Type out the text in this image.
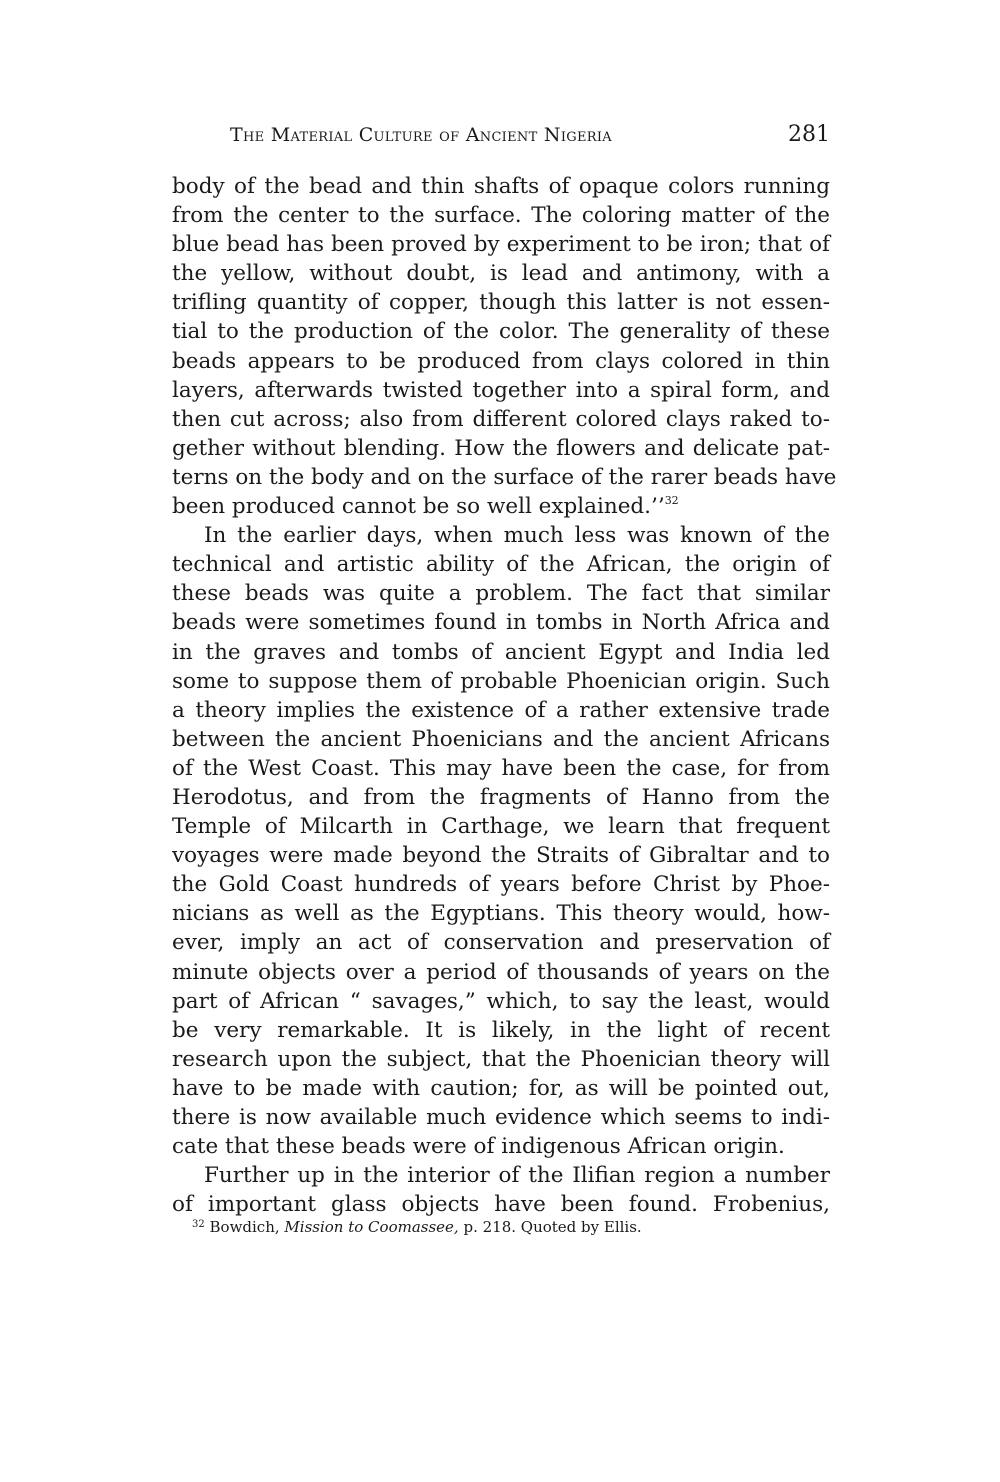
The Material Culture of Ancient Nigeria	281
body of the bead and thin shafts of opaque colors running
from the center to the surface. The coloring matter of the
blue bead has been proved by experiment to be iron; that of
the yellow, without doubt, is lead and antimony, with a
trifling quantity of copper, though this latter is not essen-
tial to the production of the color. The generality of these
beads appears to be produced from clays colored in thin
layers, afterwards twisted together into a spiral form, and
then cut across; also from different colored clays raked to-
gether without blending. How the flowers and delicate pat-
terns on the body and on the surface of the rarer beads have
been produced cannot be so well explained.’’$^{32}$
In the earlier days, when much less was known of the
technical and artistic ability of the African, the origin of
these beads was quite a problem. The fact that similar
beads were sometimes found in tombs in North Africa and
in the graves and tombs of ancient Egypt and India led
some to suppose them of probable Phoenician origin. Such
a theory implies the existence of a rather extensive trade
between the ancient Phoenicians and the ancient Africans
of the West Coast. This may have been the case, for from
Herodotus, and from the fragments of Hanno from the
Temple of Milcarth in Carthage, we learn that frequent
voyages were made beyond the Straits of Gibraltar and to
the Gold Coast hundreds of years before Christ by Phoe-
nicians as well as the Egyptians. This theory would, how-
ever, imply an act of conservation and preservation of
minute objects over a period of thousands of years on the
part of African “ savages,” which, to say the least, would
be very remarkable. It is likely, in the light of recent
research upon the subject, that the Phoenician theory will
have to be made with caution; for, as will be pointed out,
there is now available much evidence which seems to indi-
cate that these beads were of indigenous African origin.
Further up in the interior of the Ilifian region a number
of important glass objects have been found. Frobenius,
$^{32}$ Bowdich, Mission to Coomassee, p. 218. Quoted by Ellis.
